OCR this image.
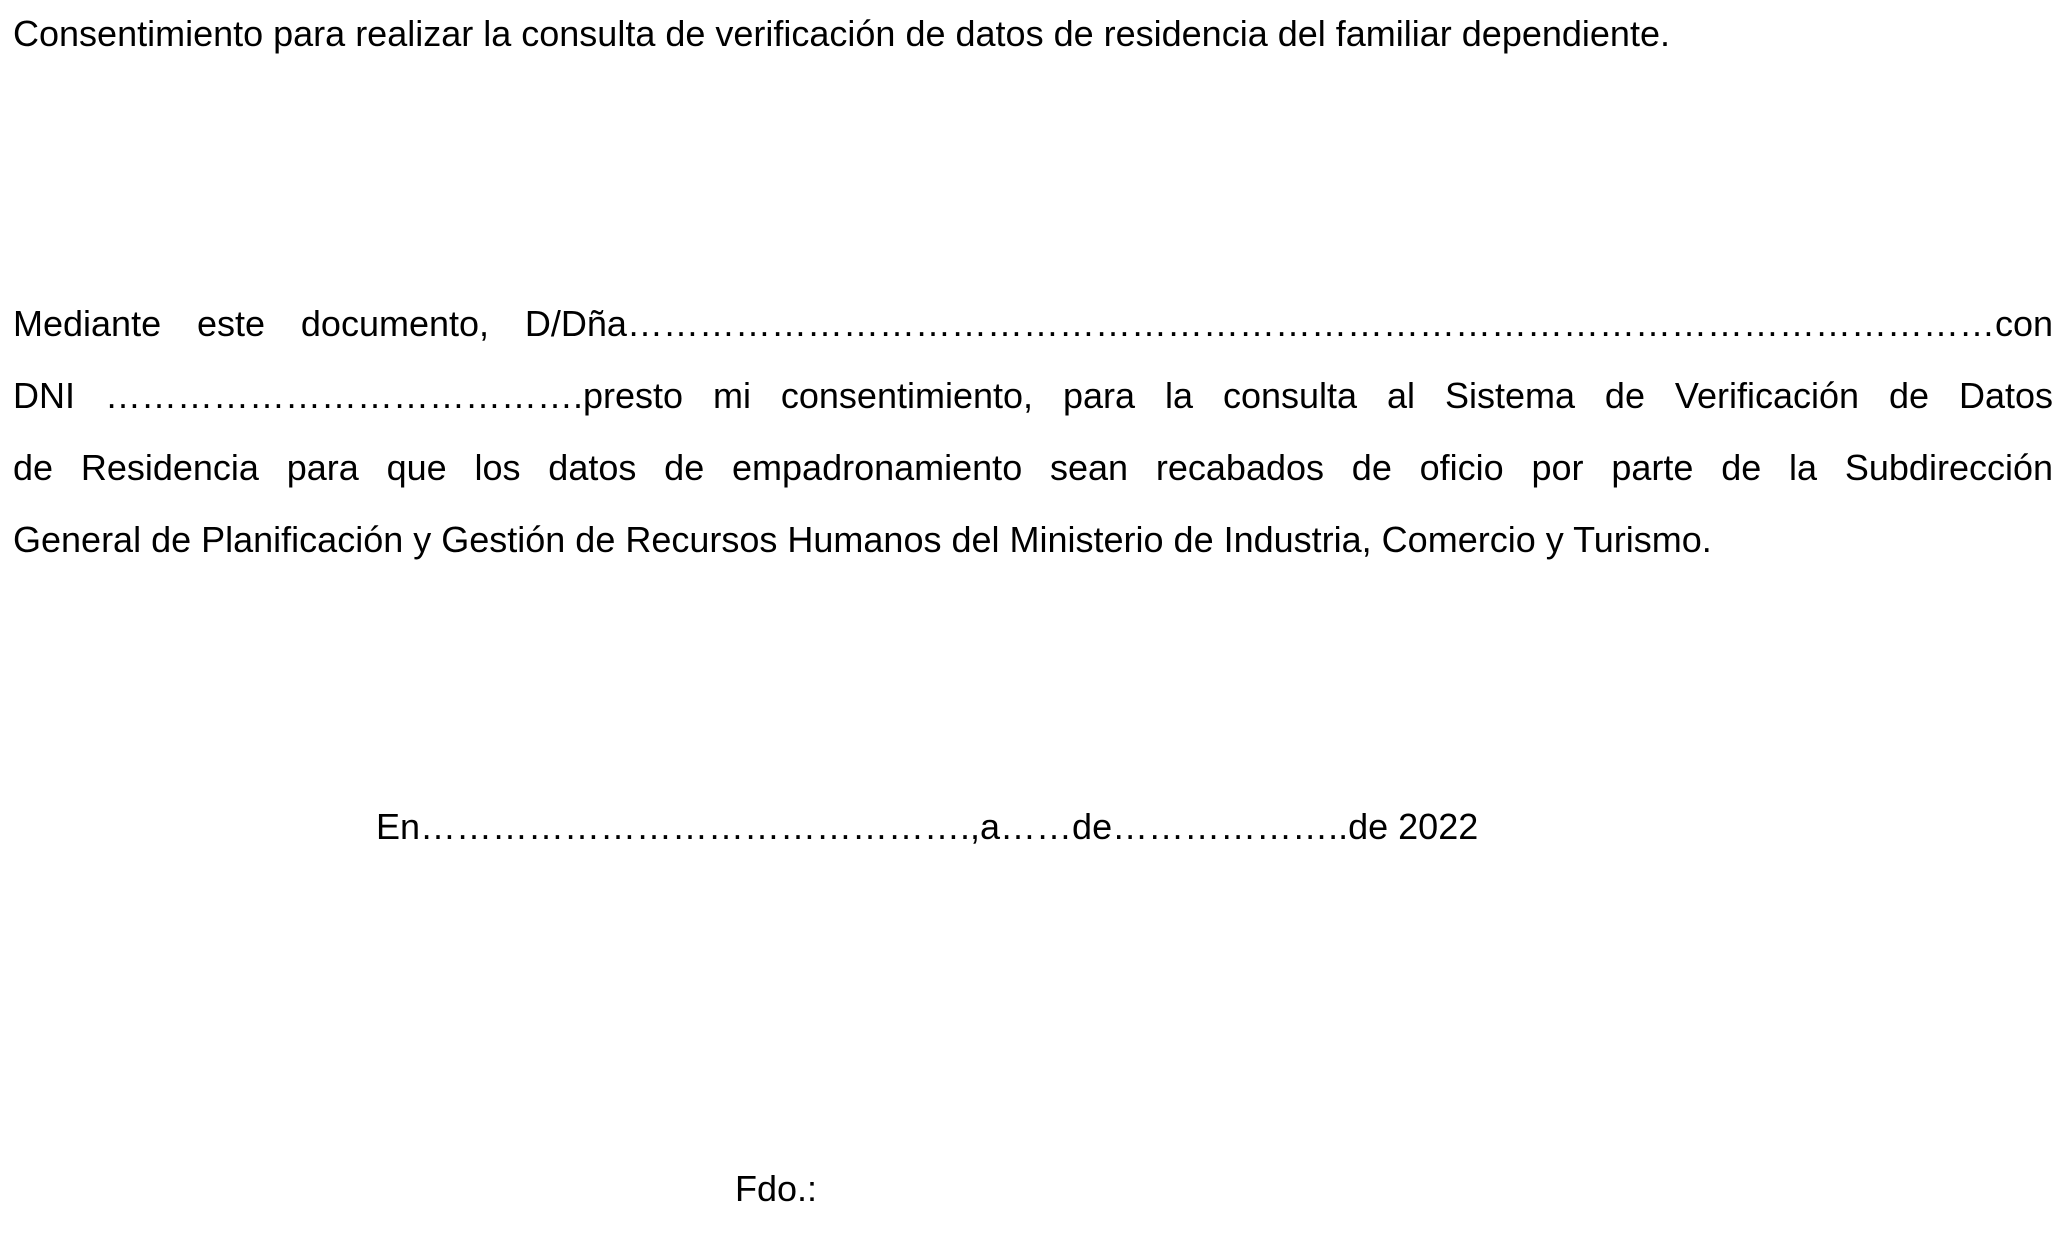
Consentimiento para realizar la consulta de verificación de datos de residencia del familiar dependiente.
Mediante este documento, D/Dña……………………………………………………………………………………………………con
DNI ………………………………….presto mi consentimiento, para la consulta al Sistema de Verificación de Datos
de Residencia para que los datos de empadronamiento sean recabados de oficio por parte de la Subdirección
General de Planificación y Gestión de Recursos Humanos del Ministerio de Industria, Comercio y Turismo.
En……………………………………….,a……de………………..de 2022
Fdo.:
